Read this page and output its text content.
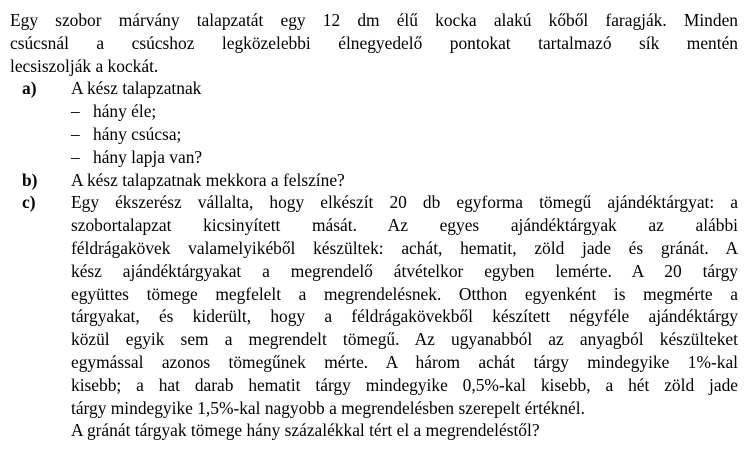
Egy szobor márvány talapzatát egy 12 dm élű kocka alakú kőből faragják. Minden
csúcsnál a csúcshoz legközelebbi élnegyedelő pontokat tartalmazó sík mentén
lecsiszolják a kockát.
a) A kész talapzatnak
– hány éle;
– hány csúcsa;
– hány lapja van?
b) A kész talapzatnak mekkora a felszíne?
c) Egy ékszerész vállalta, hogy elkészít 20 db egyforma tömegű ajándéktárgyat: a
szobortalapzat kicsinyített mását. Az egyes ajándéktárgyak az alábbi
féldrágakövek valamelyikéből készültek: achát, hematit, zöld jade és gránát. A
kész ajándéktárgyakat a megrendelő átvételkor egyben lemérte. A 20 tárgy
együttes tömege megfelelt a megrendelésnek. Otthon egyenként is megmérte a
tárgyakat, és kiderült, hogy a féldrágakövekből készített négyféle ajándéktárgy
közül egyik sem a megrendelt tömegű. Az ugyanabból az anyagból készülteket
egymással azonos tömegűnek mérte. A három achát tárgy mindegyike 1%-kal
kisebb; a hat darab hematit tárgy mindegyike 0,5%-kal kisebb, a hét zöld jade
tárgy mindegyike 1,5%-kal nagyobb a megrendelésben szerepelt értéknél.
A gránát tárgyak tömege hány százalékkal tért el a megrendeléstől?
